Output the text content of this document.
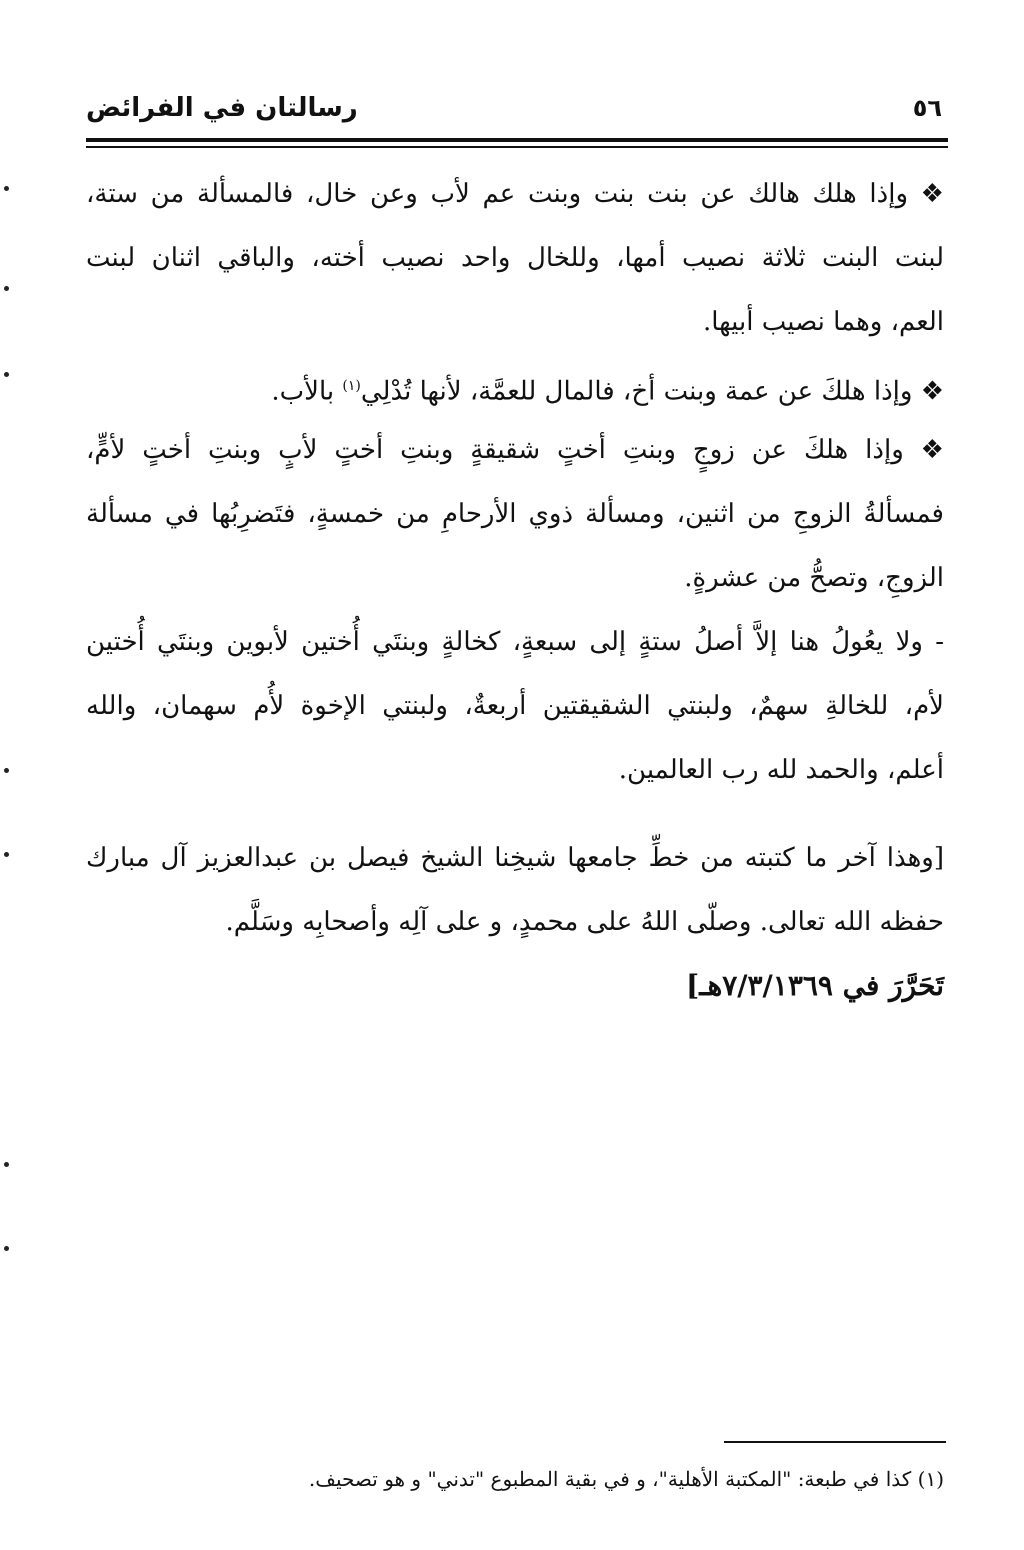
رسالتان في الفرائض	٥٦
❖ وإذا هلك هالك عن بنت بنت وبنت عم لأب وعن خال، فالمسألة من ستة،
لبنت البنت ثلاثة نصيب أمها، وللخال واحد نصيب أخته، والباقي اثنان لبنت
العم، وهما نصيب أبيها.
❖ وإذا هلكَ عن عمة وبنت أخ، فالمال للعمَّة، لأنها تُدْلِي$^{(١)}$ بالأب.
❖ وإذا هلكَ عن زوجٍ وبنتِ أختٍ شقيقةٍ وبنتِ أختٍ لأبٍ وبنتِ أختٍ لأمٍّ،
فمسألةُ الزوجِ من اثنين، ومسألة ذوي الأرحامِ من خمسةٍ، فتَضرِبُها في مسألة
الزوجِ، وتصحُّ من عشرةٍ.
- ولا يعُولُ هنا إلاَّ أصلُ ستةٍ إلى سبعةٍ، كخالةٍ وبنتَي أُختين لأبوين وبنتَي أُختين
لأم، للخالةِ سهمٌ، ولبنتي الشقيقتين أربعةٌ، ولبنتي الإخوة لأُم سهمان، والله
أعلم، والحمد لله رب العالمين.
[وهذا آخر ما كتبته من خطِّ جامعها شيخِنا الشيخ فيصل بن عبدالعزيز آل مبارك
حفظه الله تعالى. وصلّى اللهُ على محمدٍ، و على آلِه وأصحابِه وسَلَّم.
تَحَرَّرَ في ٧/٣/١٣٦٩هـ]
(١) كذا في طبعة: "المكتبة الأهلية"، و في بقية المطبوع "تدني" و هو تصحيف.
